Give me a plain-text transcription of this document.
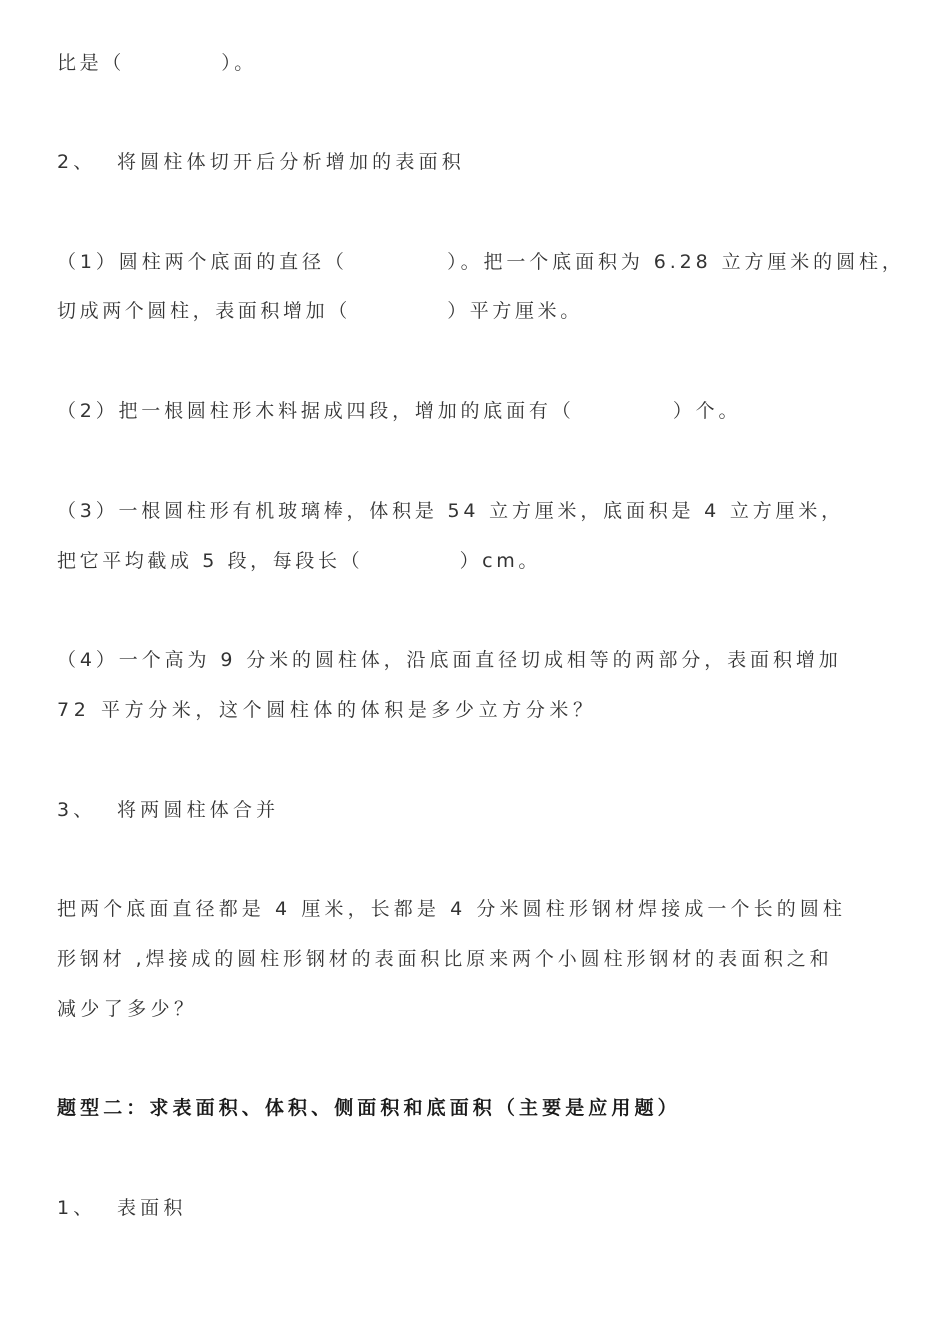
比是（          ）。
2、  将圆柱体切开后分析增加的表面积
（1）圆柱两个底面的直径（          ）。把一个底面积为 6.28 立方厘米的圆柱，
切成两个圆柱，表面积增加（          ）平方厘米。
（2）把一根圆柱形木料据成四段，增加的底面有（          ）个。
（3）一根圆柱形有机玻璃棒，体积是 54 立方厘米，底面积是 4 立方厘米，
把它平均截成 5 段，每段长（          ）cm。
（4）一个高为 9 分米的圆柱体，沿底面直径切成相等的两部分，表面积增加
72 平方分米，这个圆柱体的体积是多少立方分米？
3、  将两圆柱体合并
把两个底面直径都是 4 厘米，长都是 4 分米圆柱形钢材焊接成一个长的圆柱
形钢材 ,焊接成的圆柱形钢材的表面积比原来两个小圆柱形钢材的表面积之和
减少了多少？
题型二：求表面积、体积、侧面积和底面积（主要是应用题）
1、  表面积
